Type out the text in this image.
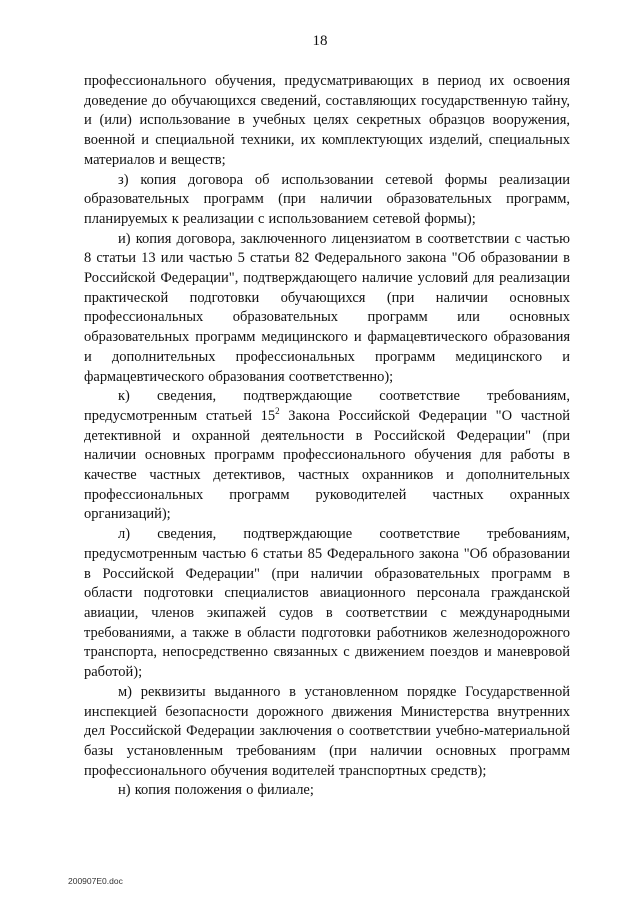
18

профессионального обучения, предусматривающих в период их освоения доведение до обучающихся сведений, составляющих государственную тайну, и (или) использование в учебных целях секретных образцов вооружения, военной и специальной техники, их комплектующих изделий, специальных материалов и веществ;

з) копия договора об использовании сетевой формы реализации образовательных программ (при наличии образовательных программ, планируемых к реализации с использованием сетевой формы);

и) копия договора, заключенного лицензиатом в соответствии с частью 8 статьи 13 или частью 5 статьи 82 Федерального закона "Об образовании в Российской Федерации", подтверждающего наличие условий для реализации практической подготовки обучающихся (при наличии основных профессиональных образовательных программ или основных образовательных программ медицинского и фармацевтического образования и дополнительных профессиональных программ медицинского и фармацевтического образования соответственно);

к) сведения, подтверждающие соответствие требованиям, предусмотренным статьей $15^2$ Закона Российской Федерации "О частной детективной и охранной деятельности в Российской Федерации" (при наличии основных программ профессионального обучения для работы в качестве частных детективов, частных охранников и дополнительных профессиональных программ руководителей частных охранных организаций);

л) сведения, подтверждающие соответствие требованиям, предусмотренным частью 6 статьи 85 Федерального закона "Об образовании в Российской Федерации" (при наличии образовательных программ в области подготовки специалистов авиационного персонала гражданской авиации, членов экипажей судов в соответствии с международными требованиями, а также в области подготовки работников железнодорожного транспорта, непосредственно связанных с движением поездов и маневровой работой);

м) реквизиты выданного в установленном порядке Государственной инспекцией безопасности дорожного движения Министерства внутренних дел Российской Федерации заключения о соответствии учебно-материальной базы установленным требованиям (при наличии основных программ профессионального обучения водителей транспортных средств);

н) копия положения о филиале;

200907E0.doc
